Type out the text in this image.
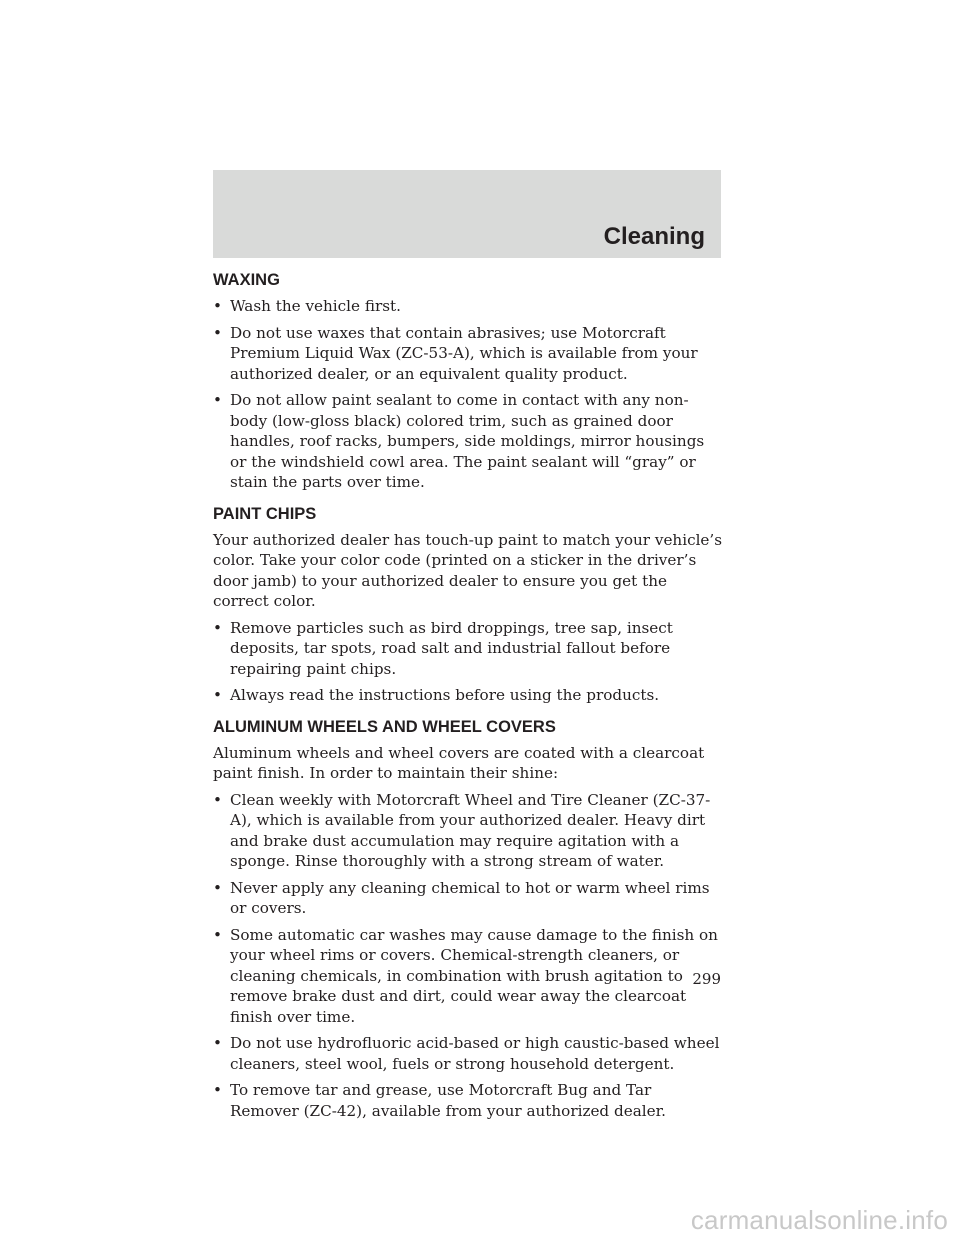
Cleaning
WAXING
• Wash the vehicle first.
• Do not use waxes that contain abrasives; use Motorcraft Premium Liquid Wax (ZC-53-A), which is available from your authorized dealer, or an equivalent quality product.
• Do not allow paint sealant to come in contact with any non-body (low-gloss black) colored trim, such as grained door handles, roof racks, bumpers, side moldings, mirror housings or the windshield cowl area. The paint sealant will “gray” or stain the parts over time.
PAINT CHIPS

Your authorized dealer has touch-up paint to match your vehicle’s color. Take your color code (printed on a sticker in the driver’s door jamb) to your authorized dealer to ensure you get the correct color.

• Remove particles such as bird droppings, tree sap, insect deposits, tar spots, road salt and industrial fallout before repairing paint chips.
• Always read the instructions before using the products.
ALUMINUM WHEELS AND WHEEL COVERS

Aluminum wheels and wheel covers are coated with a clearcoat paint finish. In order to maintain their shine:

• Clean weekly with Motorcraft Wheel and Tire Cleaner (ZC-37-A), which is available from your authorized dealer. Heavy dirt and brake dust accumulation may require agitation with a sponge. Rinse thoroughly with a strong stream of water.
• Never apply any cleaning chemical to hot or warm wheel rims or covers.
• Some automatic car washes may cause damage to the finish on your wheel rims or covers. Chemical-strength cleaners, or cleaning chemicals, in combination with brush agitation to remove brake dust and dirt, could wear away the clearcoat finish over time.
• Do not use hydrofluoric acid-based or high caustic-based wheel cleaners, steel wool, fuels or strong household detergent.
• To remove tar and grease, use Motorcraft Bug and Tar Remover (ZC-42), available from your authorized dealer.
299
carmanualsonline.info
